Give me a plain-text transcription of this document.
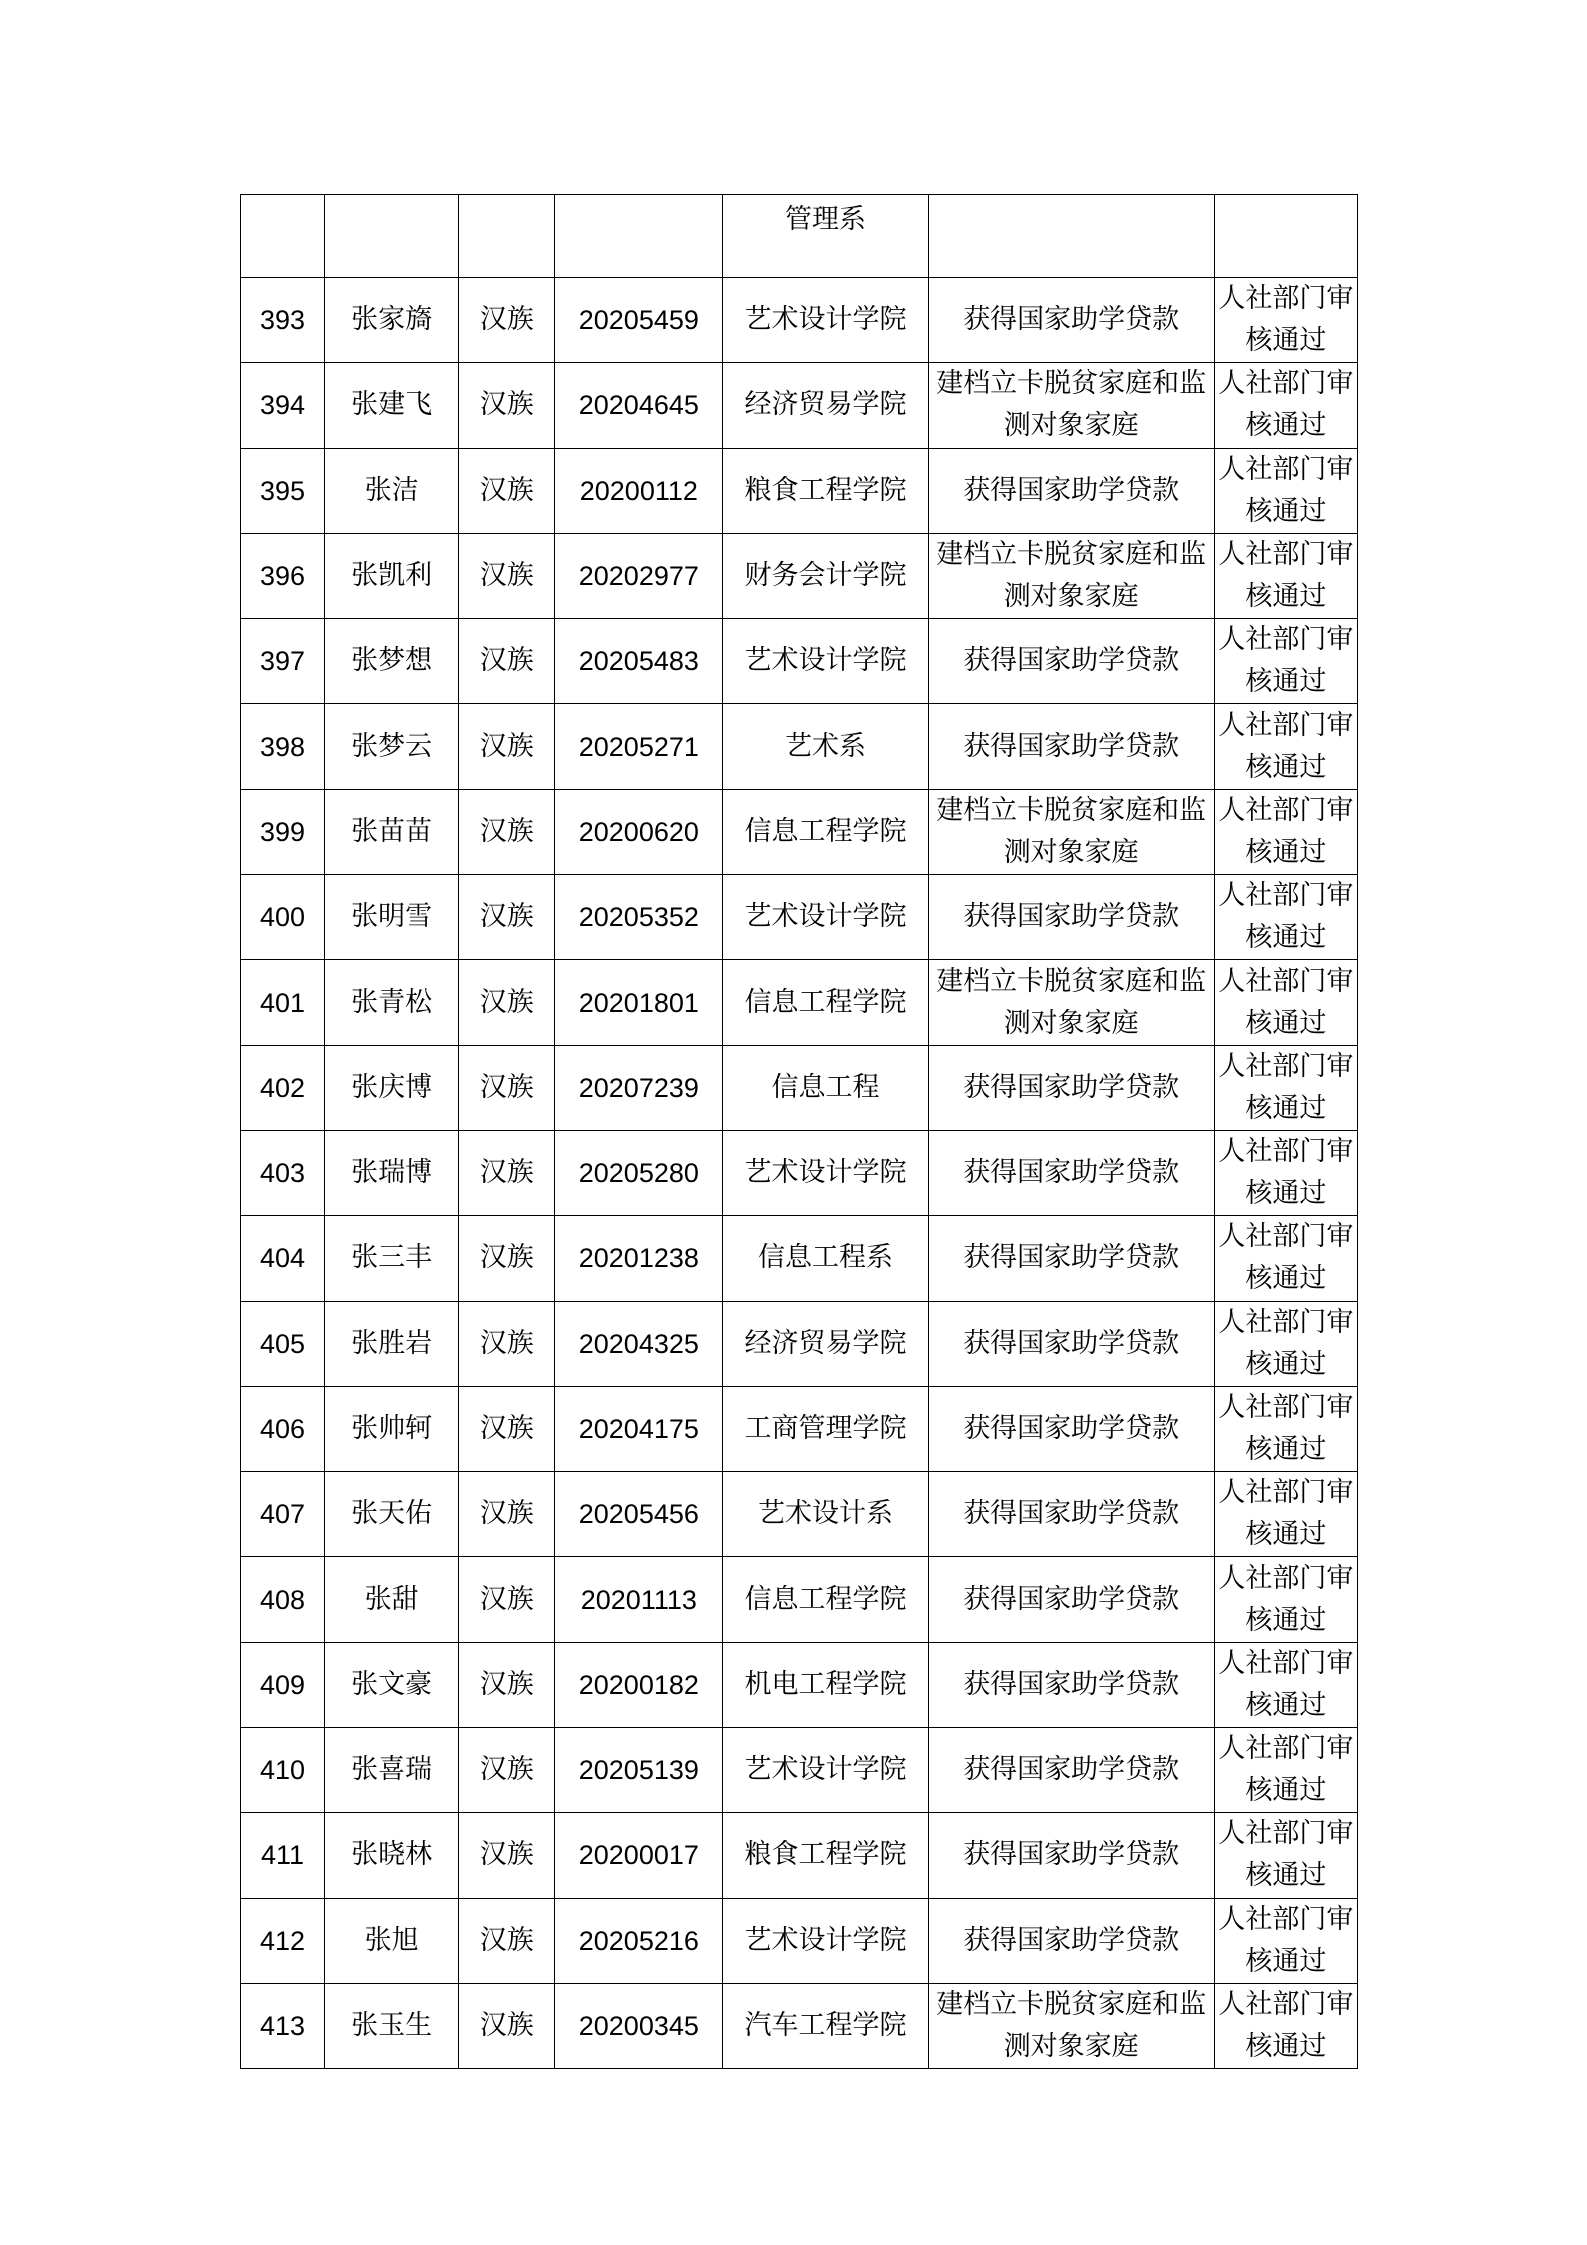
				管理系		
393	张家旖	汉族	20205459	艺术设计学院	获得国家助学贷款	人社部门审核通过
394	张建飞	汉族	20204645	经济贸易学院	建档立卡脱贫家庭和监测对象家庭	人社部门审核通过
395	张洁	汉族	20200112	粮食工程学院	获得国家助学贷款	人社部门审核通过
396	张凯利	汉族	20202977	财务会计学院	建档立卡脱贫家庭和监测对象家庭	人社部门审核通过
397	张梦想	汉族	20205483	艺术设计学院	获得国家助学贷款	人社部门审核通过
398	张梦云	汉族	20205271	艺术系	获得国家助学贷款	人社部门审核通过
399	张苗苗	汉族	20200620	信息工程学院	建档立卡脱贫家庭和监测对象家庭	人社部门审核通过
400	张明雪	汉族	20205352	艺术设计学院	获得国家助学贷款	人社部门审核通过
401	张青松	汉族	20201801	信息工程学院	建档立卡脱贫家庭和监测对象家庭	人社部门审核通过
402	张庆博	汉族	20207239	信息工程	获得国家助学贷款	人社部门审核通过
403	张瑞博	汉族	20205280	艺术设计学院	获得国家助学贷款	人社部门审核通过
404	张三丰	汉族	20201238	信息工程系	获得国家助学贷款	人社部门审核通过
405	张胜岩	汉族	20204325	经济贸易学院	获得国家助学贷款	人社部门审核通过
406	张帅轲	汉族	20204175	工商管理学院	获得国家助学贷款	人社部门审核通过
407	张天佑	汉族	20205456	艺术设计系	获得国家助学贷款	人社部门审核通过
408	张甜	汉族	20201113	信息工程学院	获得国家助学贷款	人社部门审核通过
409	张文豪	汉族	20200182	机电工程学院	获得国家助学贷款	人社部门审核通过
410	张喜瑞	汉族	20205139	艺术设计学院	获得国家助学贷款	人社部门审核通过
411	张晓林	汉族	20200017	粮食工程学院	获得国家助学贷款	人社部门审核通过
412	张旭	汉族	20205216	艺术设计学院	获得国家助学贷款	人社部门审核通过
413	张玉生	汉族	20200345	汽车工程学院	建档立卡脱贫家庭和监测对象家庭	人社部门审核通过
